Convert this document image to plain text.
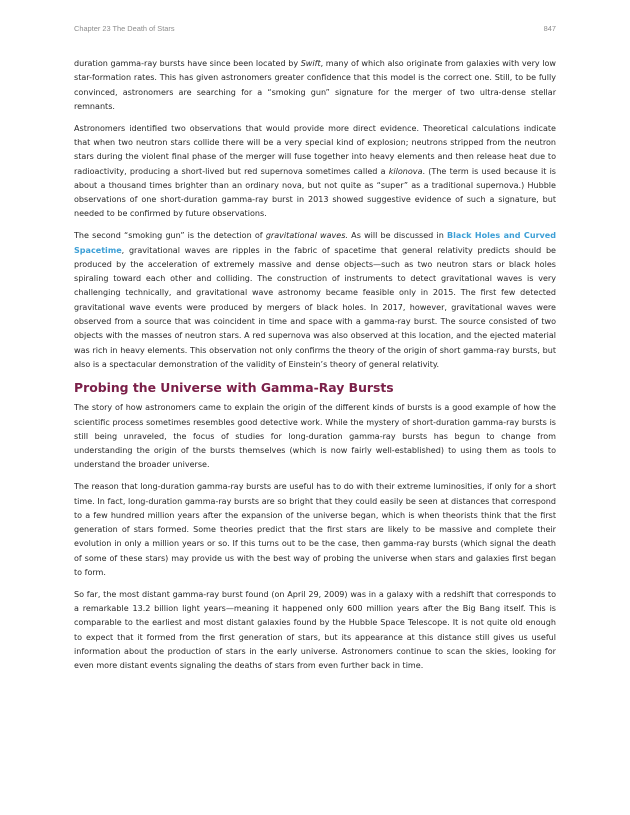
Chapter 23 The Death of Stars	847

duration gamma-ray bursts have since been located by Swift, many of which also originate from galaxies with very low star-formation rates. This has given astronomers greater confidence that this model is the correct one. Still, to be fully convinced, astronomers are searching for a “smoking gun” signature for the merger of two ultra-dense stellar remnants.

Astronomers identified two observations that would provide more direct evidence. Theoretical calculations indicate that when two neutron stars collide there will be a very special kind of explosion; neutrons stripped from the neutron stars during the violent final phase of the merger will fuse together into heavy elements and then release heat due to radioactivity, producing a short-lived but red supernova sometimes called a kilonova. (The term is used because it is about a thousand times brighter than an ordinary nova, but not quite as “super” as a traditional supernova.) Hubble observations of one short-duration gamma-ray burst in 2013 showed suggestive evidence of such a signature, but needed to be confirmed by future observations.

The second “smoking gun” is the detection of gravitational waves. As will be discussed in Black Holes and Curved Spacetime, gravitational waves are ripples in the fabric of spacetime that general relativity predicts should be produced by the acceleration of extremely massive and dense objects—such as two neutron stars or black holes spiraling toward each other and colliding. The construction of instruments to detect gravitational waves is very challenging technically, and gravitational wave astronomy became feasible only in 2015. The first few detected gravitational wave events were produced by mergers of black holes. In 2017, however, gravitational waves were observed from a source that was coincident in time and space with a gamma-ray burst. The source consisted of two objects with the masses of neutron stars. A red supernova was also observed at this location, and the ejected material was rich in heavy elements. This observation not only confirms the theory of the origin of short gamma-ray bursts, but also is a spectacular demonstration of the validity of Einstein’s theory of general relativity.

Probing the Universe with Gamma-Ray Bursts

The story of how astronomers came to explain the origin of the different kinds of bursts is a good example of how the scientific process sometimes resembles good detective work. While the mystery of short-duration gamma-ray bursts is still being unraveled, the focus of studies for long-duration gamma-ray bursts has begun to change from understanding the origin of the bursts themselves (which is now fairly well-established) to using them as tools to understand the broader universe.

The reason that long-duration gamma-ray bursts are useful has to do with their extreme luminosities, if only for a short time. In fact, long-duration gamma-ray bursts are so bright that they could easily be seen at distances that correspond to a few hundred million years after the expansion of the universe began, which is when theorists think that the first generation of stars formed. Some theories predict that the first stars are likely to be massive and complete their evolution in only a million years or so. If this turns out to be the case, then gamma-ray bursts (which signal the death of some of these stars) may provide us with the best way of probing the universe when stars and galaxies first began to form.

So far, the most distant gamma-ray burst found (on April 29, 2009) was in a galaxy with a redshift that corresponds to a remarkable 13.2 billion light years—meaning it happened only 600 million years after the Big Bang itself. This is comparable to the earliest and most distant galaxies found by the Hubble Space Telescope. It is not quite old enough to expect that it formed from the first generation of stars, but its appearance at this distance still gives us useful information about the production of stars in the early universe. Astronomers continue to scan the skies, looking for even more distant events signaling the deaths of stars from even further back in time.
